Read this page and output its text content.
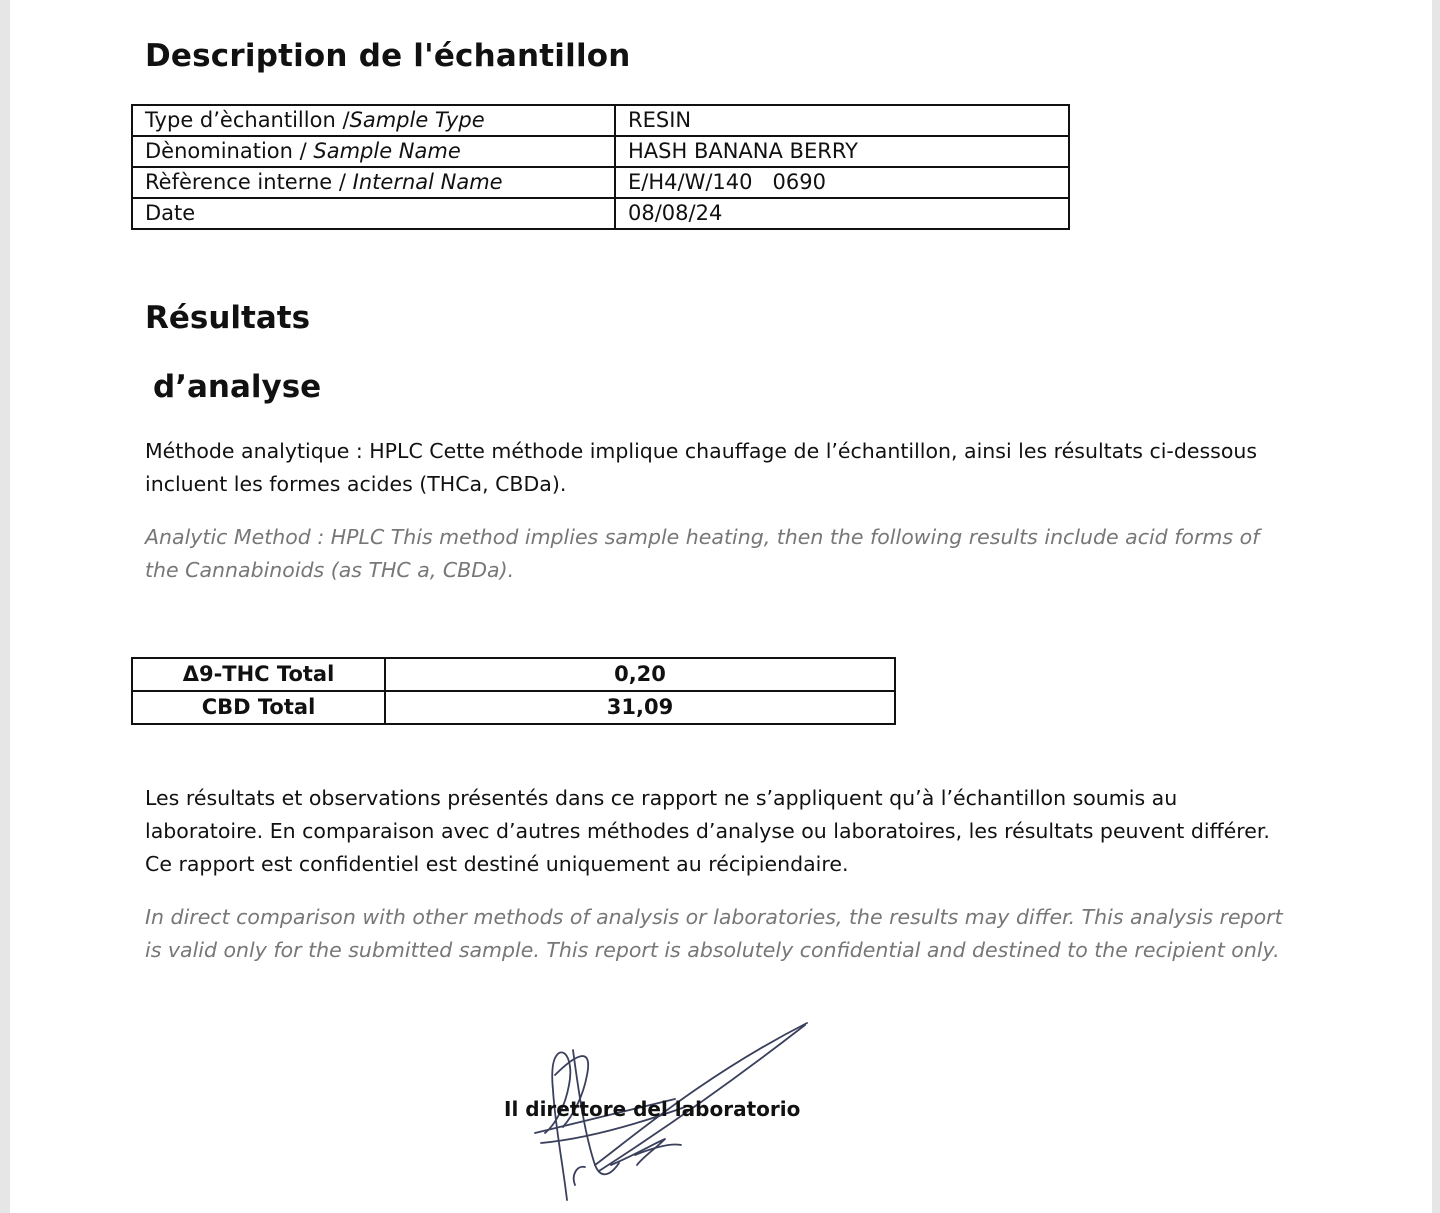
Description de l'échantillon
Type d’èchantillon /Sample Type	RESIN
Dènomination / Sample Name	HASH BANANA BERRY
Rèfèrence interne / Internal Name	E/H4/W/140   0690
Date	08/08/24
Résultats
d’analyse

Méthode analytique : HPLC Cette méthode implique chauffage de l’échantillon, ainsi les résultats ci-dessous incluent les formes acides (THCa, CBDa).

Analytic Method : HPLC This method implies sample heating, then the following results include acid forms of the Cannabinoids (as THC a, CBDa).

Δ9-THC Total	0,20
CBD Total	31,09

Les résultats et observations présentés dans ce rapport ne s’appliquent qu’à l’échantillon soumis au laboratoire. En comparaison avec d’autres méthodes d’analyse ou laboratoires, les résultats peuvent différer. Ce rapport est confidentiel est destiné uniquement au récipiendaire.

In direct comparison with other methods of analysis or laboratories, the results may differ. This analysis report is valid only for the submitted sample. This report is absolutely confidential and destined to the recipient only.

Il direttore del laboratorio
